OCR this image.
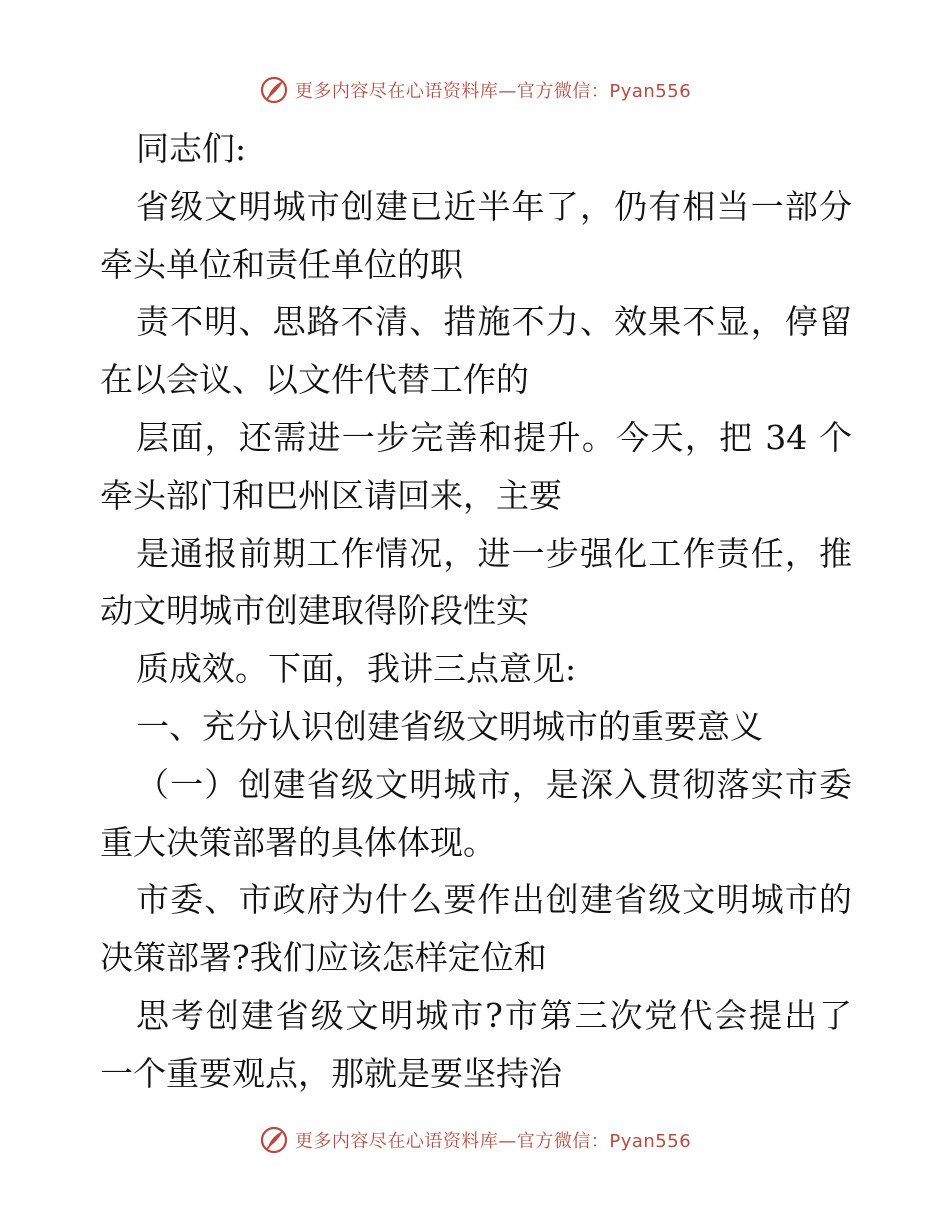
更多内容尽在心语资料库—官方微信：Pyan556
同志们:
省级文明城市创建已近半年了，仍有相当一部分
牵头单位和责任单位的职
责不明、思路不清、措施不力、效果不显，停留
在以会议、以文件代替工作的
层面，还需进一步完善和提升。今天，把 34 个
牵头部门和巴州区请回来，主要
是通报前期工作情况，进一步强化工作责任，推
动文明城市创建取得阶段性实
质成效。下面，我讲三点意见:
一、充分认识创建省级文明城市的重要意义
（一）创建省级文明城市，是深入贯彻落实市委
重大决策部署的具体体现。
市委、市政府为什么要作出创建省级文明城市的
决策部署?我们应该怎样定位和
思考创建省级文明城市?市第三次党代会提出了
一个重要观点，那就是要坚持治
更多内容尽在心语资料库—官方微信：Pyan556
